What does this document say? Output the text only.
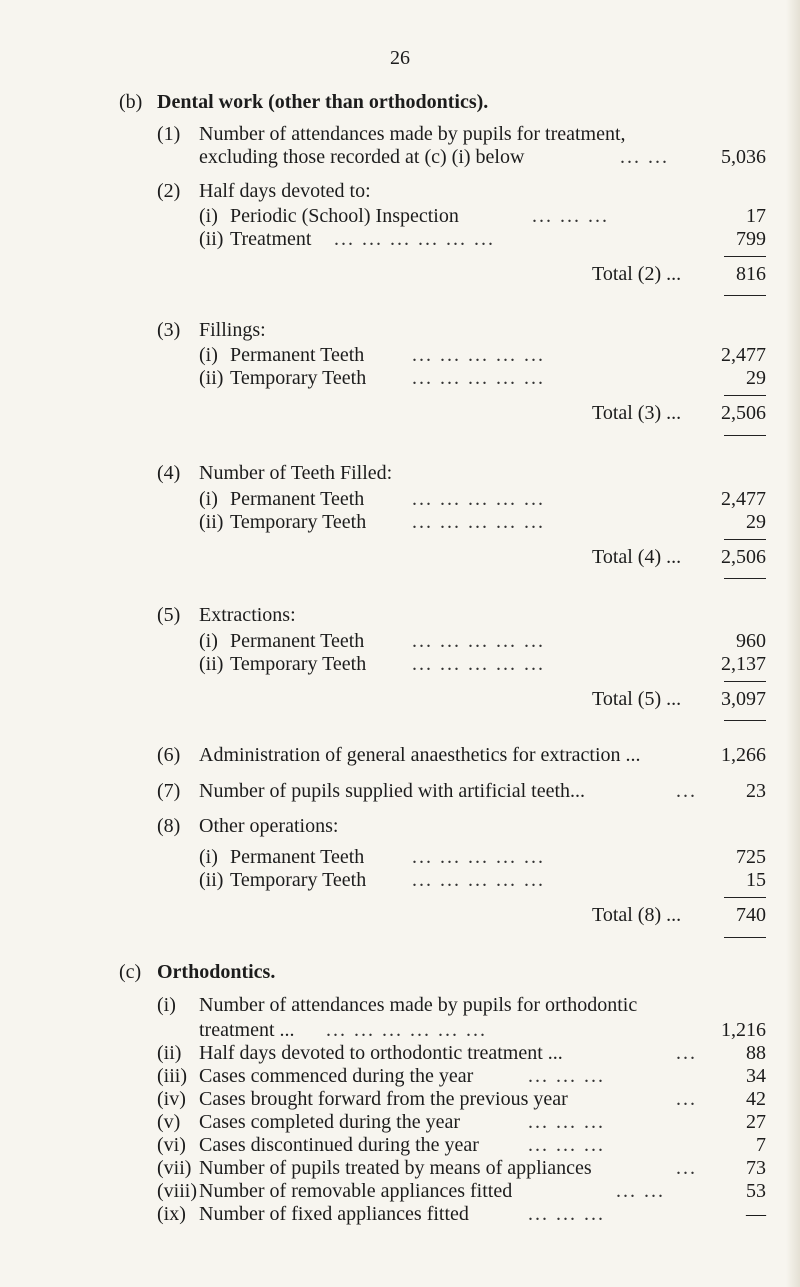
26
(b) Dental work (other than orthodontics).
(1) Number of attendances made by pupils for treatment,
excluding those recorded at (c) (i) below	... ...	5,036
(2) Half days devoted to:
(i) Periodic (School) Inspection	... ... ...	17
(ii) Treatment ... ... ... ... ... ...	799
Total (2) ...	816
(3) Fillings:
(i) Permanent Teeth ... ... ... ... ...	2,477
(ii) Temporary Teeth ... ... ... ... ...	29
Total (3) ... 2,506
(4) Number of Teeth Filled:
(i) Permanent Teeth ... ... ... ... ...	2,477
(ii) Temporary Teeth ... ... ... ... ...	29
Total (4) ... 2,506
(5) Extractions:
(i) Permanent Teeth ... ... ... ... ...	960
(ii) Temporary Teeth ... ... ... ... ...	2,137
Total (5) ... 3,097
(6) Administration of general anaesthetics for extraction ...	1,266
(7) Number of pupils supplied with artificial teeth...	... 23
(8) Other operations:
(i) Permanent Teeth ... ... ... ... ...	725
(ii) Temporary Teeth ... ... ... ... ...	15
Total (8) ...	740
(c) Orthodontics.
(i) Number of attendances made by pupils for orthodontic
treatment ... ... ... ... ... ... ...	1,216
(ii) Half days devoted to orthodontic treatment ...	... 88
(iii) Cases commenced during the year	... ... ...	34
(iv) Cases brought forward from the previous year	... 42
(v) Cases completed during the year	... ... ...	27
(vi) Cases discontinued during the year ... ... ...	7
(vii) Number of pupils treated by means of appliances	... 73
(viii) Number of removable appliances fitted	... ...	53
(ix) Number of fixed appliances fitted	... ... ...	—
